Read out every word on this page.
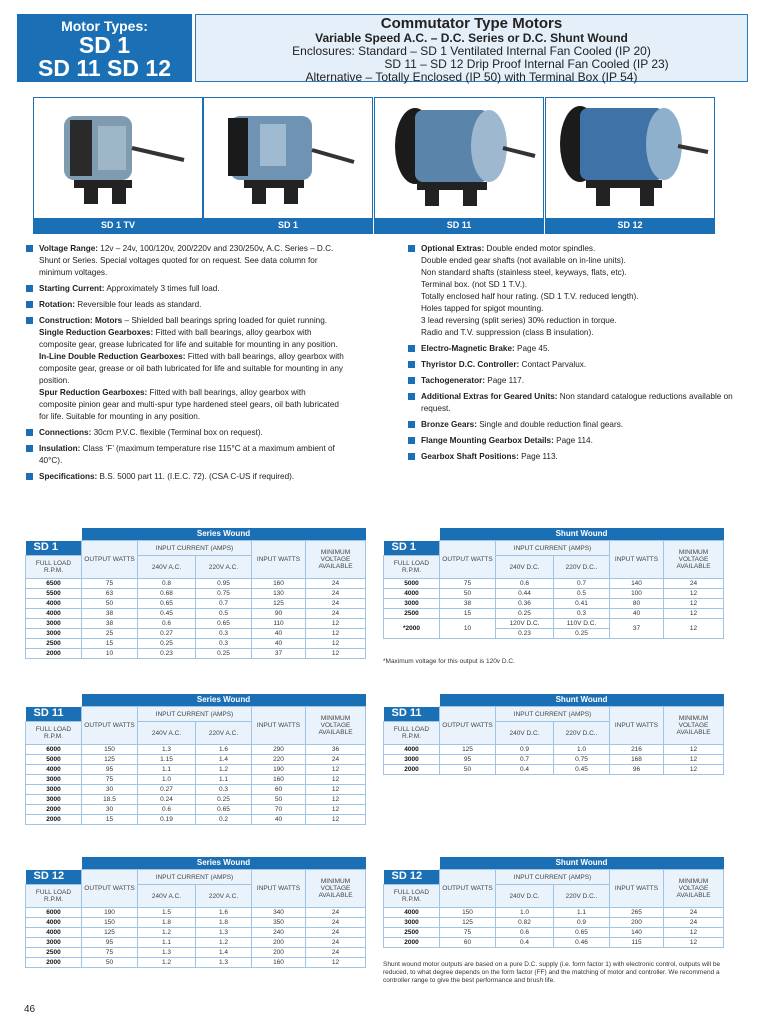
Motor Types:
SD 1
SD 11 SD 12
Commutator Type Motors
Variable Speed A.C. – D.C. Series or D.C. Shunt Wound
Enclosures: Standard – SD 1 Ventilated Internal Fan Cooled (IP 20)
SD 11 – SD 12 Drip Proof Internal Fan Cooled (IP 23)
Alternative – Totally Enclosed (IP 50) with Terminal Box (IP 54)
SD 1 TV	SD 1	SD 11	SD 12
Voltage Range: 12v – 24v, 100/120v, 200/220v and 230/250v, A.C. Series – D.C. Shunt or Series. Special voltages quoted for on request. See data column for minimum voltages.
Starting Current: Approximately 3 times full load.
Rotation: Reversible four leads as standard.
Construction: Motors – Shielded ball bearings spring loaded for quiet running.
Single Reduction Gearboxes: Fitted with ball bearings, alloy gearbox with composite gear, grease lubricated for life and suitable for mounting in any position.
In-Line Double Reduction Gearboxes: Fitted with ball bearings, alloy gearbox with composite gear, grease or oil bath lubricated for life and suitable for mounting in any position.
Spur Reduction Gearboxes: Fitted with ball bearings, alloy gearbox with composite pinion gear and multi-spur type hardened steel gears, oil bath lubricated for life. Suitable for mounting in any position.
Connections: 30cm P.V.C. flexible (Terminal box on request).
Insulation: Class ‘F’ (maximum temperature rise 115°C at a maximum ambient of 40°C).
Specifications: B.S. 5000 part 11. (I.E.C. 72). (CSA C-US if required).
Optional Extras: Double ended motor spindles.
Double ended gear shafts (not available on in-line units).
Non standard shafts (stainless steel, keyways, flats, etc).
Terminal box. (not SD 1 T.V.).
Totally enclosed half hour rating. (SD 1 T.V. reduced length).
Holes tapped for spigot mounting.
3 lead reversing (split series) 30% reduction in torque.
Radio and T.V. suppression (class B insulation).
Electro-Magnetic Brake: Page 45.
Thyristor D.C. Controller: Contact Parvalux.
Tachogenerator: Page 117.
Additional Extras for Geared Units: Non standard catalogue reductions available on request.
Bronze Gears: Single and double reduction final gears.
Flange Mounting Gearbox Details: Page 114.
Gearbox Shaft Positions: Page 113.
	Series Wound				
SD 1	OUTPUT WATTS	INPUT CURRENT (AMPS)		INPUT WATTS	MINIMUM VOLTAGE AVAILABLE
FULL LOAD R.P.M.		240V A.C.	220V A.C.		

6500	75	0.8	0.95	160	24
5500	63	0.68	0.75	130	24
4000	50	0.65	0.7	125	24
4000	38	0.45	0.5	90	24
3000	38	0.6	0.65	110	12
3000	25	0.27	0.3	40	12
2500	15	0.25	0.3	40	12
2000	10	0.23	0.25	37	12
	Shunt Wound				
SD 1	OUTPUT WATTS	INPUT CURRENT (AMPS)		INPUT WATTS	MINIMUM VOLTAGE AVAILABLE
FULL LOAD R.P.M.		240V D.C.	220V D.C..		

5000	75	0.6	0.7	140	24
4000	50	0.44	0.5	100	12
3000	38	0.36	0.41	80	12
2500	15	0.25	0.3	40	12
*2000	10	120V D.C.	110V D.C.	37	12
		0.23	0.25		
	Series Wound				
SD 11	OUTPUT WATTS	INPUT CURRENT (AMPS)		INPUT WATTS	MINIMUM VOLTAGE AVAILABLE
FULL LOAD R.P.M.		240V A.C.	220V A.C.		

6000	150	1.3	1.6	290	36
5000	125	1.15	1.4	220	24
4000	95	1.1	1.2	190	12
3000	75	1.0	1.1	160	12
3000	30	0.27	0.3	60	12
3000	18.5	0.24	0.25	50	12
2000	30	0.6	0.65	70	12
2000	15	0.19	0.2	40	12
	Shunt Wound				
SD 11	OUTPUT WATTS	INPUT CURRENT (AMPS)		INPUT WATTS	MINIMUM VOLTAGE AVAILABLE
FULL LOAD R.P.M.		240V D.C.	220V D.C..		

4000	125	0.9	1.0	216	12
3000	95	0.7	0.75	168	12
2000	50	0.4	0.45	96	12
	Series Wound				
SD 12	OUTPUT WATTS	INPUT CURRENT (AMPS)		INPUT WATTS	MINIMUM VOLTAGE AVAILABLE
FULL LOAD R.P.M.		240V A.C.	220V A.C.		

6000	190	1.5	1.6	340	24
4000	150	1.8	1.8	350	24
4000	125	1.2	1.3	240	24
3000	95	1.1	1.2	200	24
2500	75	1.3	1.4	200	24
2000	50	1.2	1.3	160	12
	Shunt Wound				
SD 12	OUTPUT WATTS	INPUT CURRENT (AMPS)		INPUT WATTS	MINIMUM VOLTAGE AVAILABLE
FULL LOAD R.P.M.		240V D.C.	220V D.C..		

4000	150	1.0	1.1	265	24
3000	125	0.82	0.9	200	24
2500	75	0.6	0.65	140	12
2000	60	0.4	0.46	115	12
*Maximum voltage for this output is 120v D.C.
Shunt wound motor outputs are based on a pure D.C. supply (i.e. form factor 1) with electronic control, outputs will be reduced, to what degree depends on the form factor (FF) and the matching of motor and controller. We recommend a controller range to give the best performance and brush life.
46
